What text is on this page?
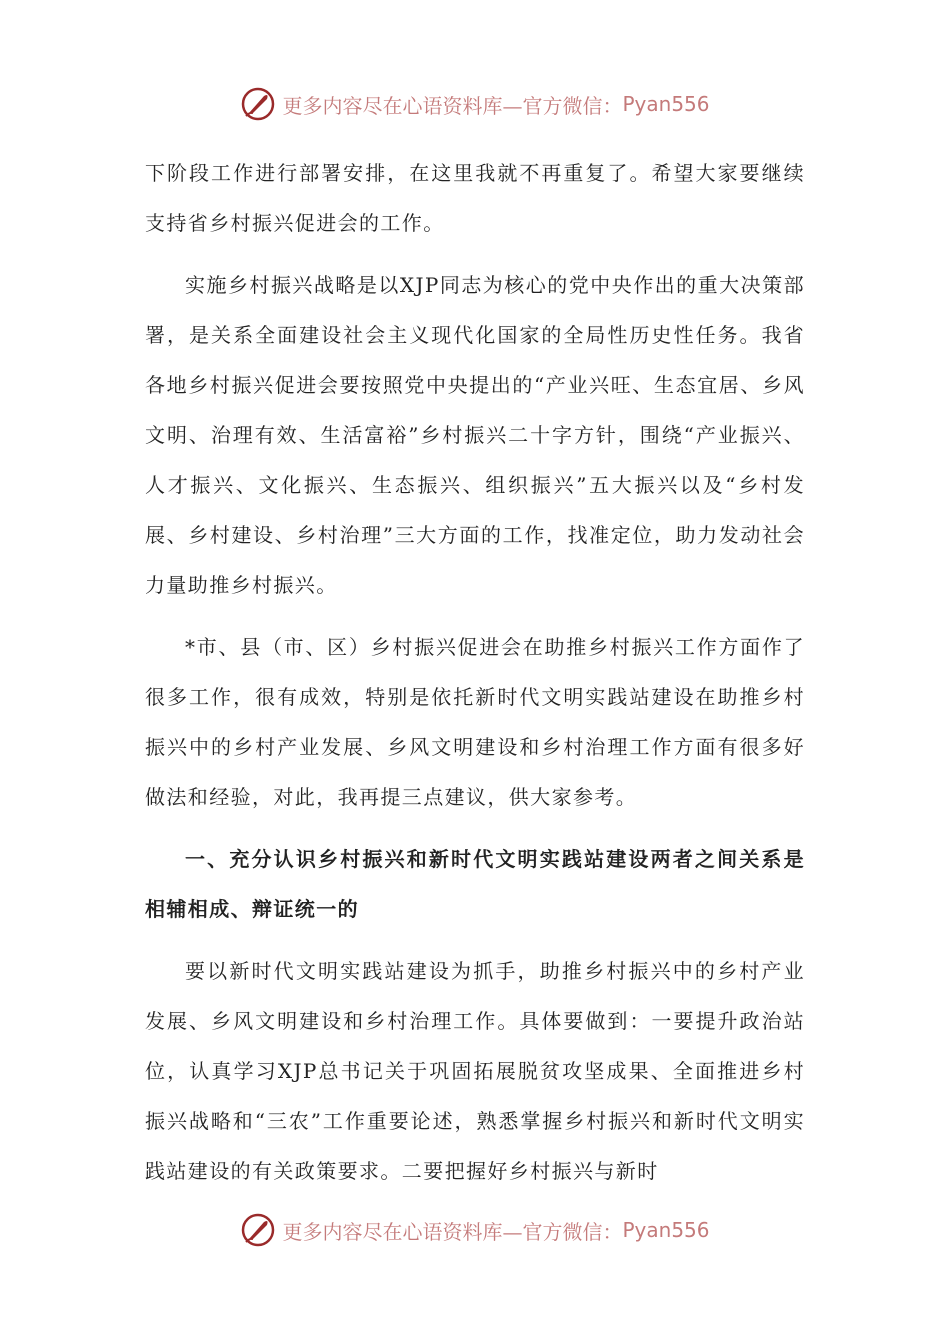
更多内容尽在心语资料库—官方微信： Pyan556

下阶段工作进行部署安排，在这里我就不再重复了。希望大家要继续支持省乡村振兴促进会的工作。

实施乡村振兴战略是以XJP同志为核心的党中央作出的重大决策部署，是关系全面建设社会主义现代化国家的全局性历史性任务。我省各地乡村振兴促进会要按照党中央提出的“产业兴旺、生态宜居、乡风文明、治理有效、生活富裕”乡村振兴二十字方针，围绕“产业振兴、人才振兴、文化振兴、生态振兴、组织振兴”五大振兴以及“乡村发展、乡村建设、乡村治理”三大方面的工作，找准定位，助力发动社会力量助推乡村振兴。

*市、县（市、区）乡村振兴促进会在助推乡村振兴工作方面作了很多工作，很有成效，特别是依托新时代文明实践站建设在助推乡村振兴中的乡村产业发展、乡风文明建设和乡村治理工作方面有很多好做法和经验，对此，我再提三点建议，供大家参考。

一、充分认识乡村振兴和新时代文明实践站建设两者之间关系是相辅相成、辩证统一的

要以新时代文明实践站建设为抓手，助推乡村振兴中的乡村产业发展、乡风文明建设和乡村治理工作。具体要做到：一要提升政治站位，认真学习XJP总书记关于巩固拓展脱贫攻坚成果、全面推进乡村振兴战略和“三农”工作重要论述，熟悉掌握乡村振兴和新时代文明实践站建设的有关政策要求。二要把握好乡村振兴与新时

更多内容尽在心语资料库—官方微信： Pyan556
